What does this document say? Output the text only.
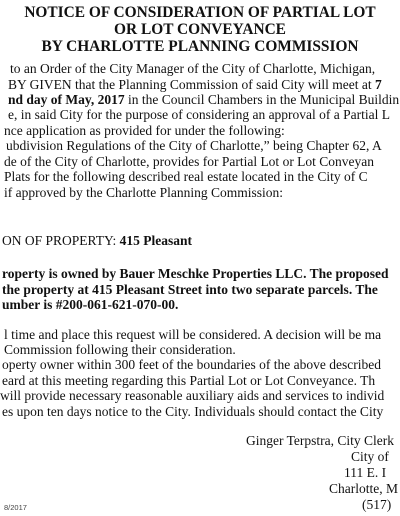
NOTICE OF CONSIDERATION OF PARTIAL LOT
OR LOT CONVEYANCE
BY CHARLOTTE PLANNING COMMISSION
to an Order of the City Manager of the City of Charlotte, Michigan,
BY GIVEN that the Planning Commission of said City will meet at 7
nd day of May, 2017 in the Council Chambers in the Municipal Buildin
e, in said City for the purpose of considering an approval of a Partial L
nce application as provided for under the following:
ubdivision Regulations of the City of Charlotte,” being Chapter 62, A
de of the City of Charlotte, provides for Partial Lot or Lot Conveyan
Plats for the following described real estate located in the City of C
if approved by the Charlotte Planning Commission:
ON OF PROPERTY: 415 Pleasant
roperty is owned by Bauer Meschke Properties LLC. The proposed
the property at 415 Pleasant Street into two separate parcels. The
umber is #200-061-621-070-00.
l time and place this request will be considered. A decision will be ma
Commission following their consideration.
operty owner within 300 feet of the boundaries of the above described
eard at this meeting regarding this Partial Lot or Lot Conveyance. Th
will provide necessary reasonable auxiliary aids and services to individ
es upon ten days notice to the City. Individuals should contact the City
Ginger Terpstra, City Clerk
City of
111 E. I
Charlotte, M
(517)
8/2017
